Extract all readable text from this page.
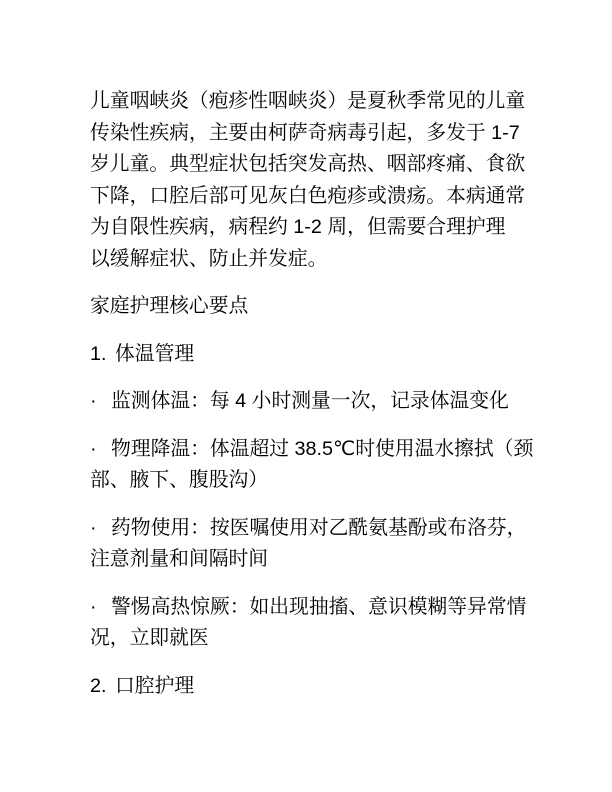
儿童咽峡炎（疱疹性咽峡炎）是夏秋季常见的儿童
传染性疾病，主要由柯萨奇病毒引起，多发于 1-7
岁儿童。典型症状包括突发高热、咽部疼痛、食欲
下降，口腔后部可见灰白色疱疹或溃疡。本病通常
为自限性疾病，病程约 1-2 周，但需要合理护理
以缓解症状、防止并发症。
家庭护理核心要点
1. 体温管理
· 监测体温：每 4 小时测量一次，记录体温变化
· 物理降温：体温超过 38.5℃时使用温水擦拭（颈
部、腋下、腹股沟）
· 药物使用：按医嘱使用对乙酰氨基酚或布洛芬，
注意剂量和间隔时间
· 警惕高热惊厥：如出现抽搐、意识模糊等异常情
况，立即就医
2. 口腔护理
